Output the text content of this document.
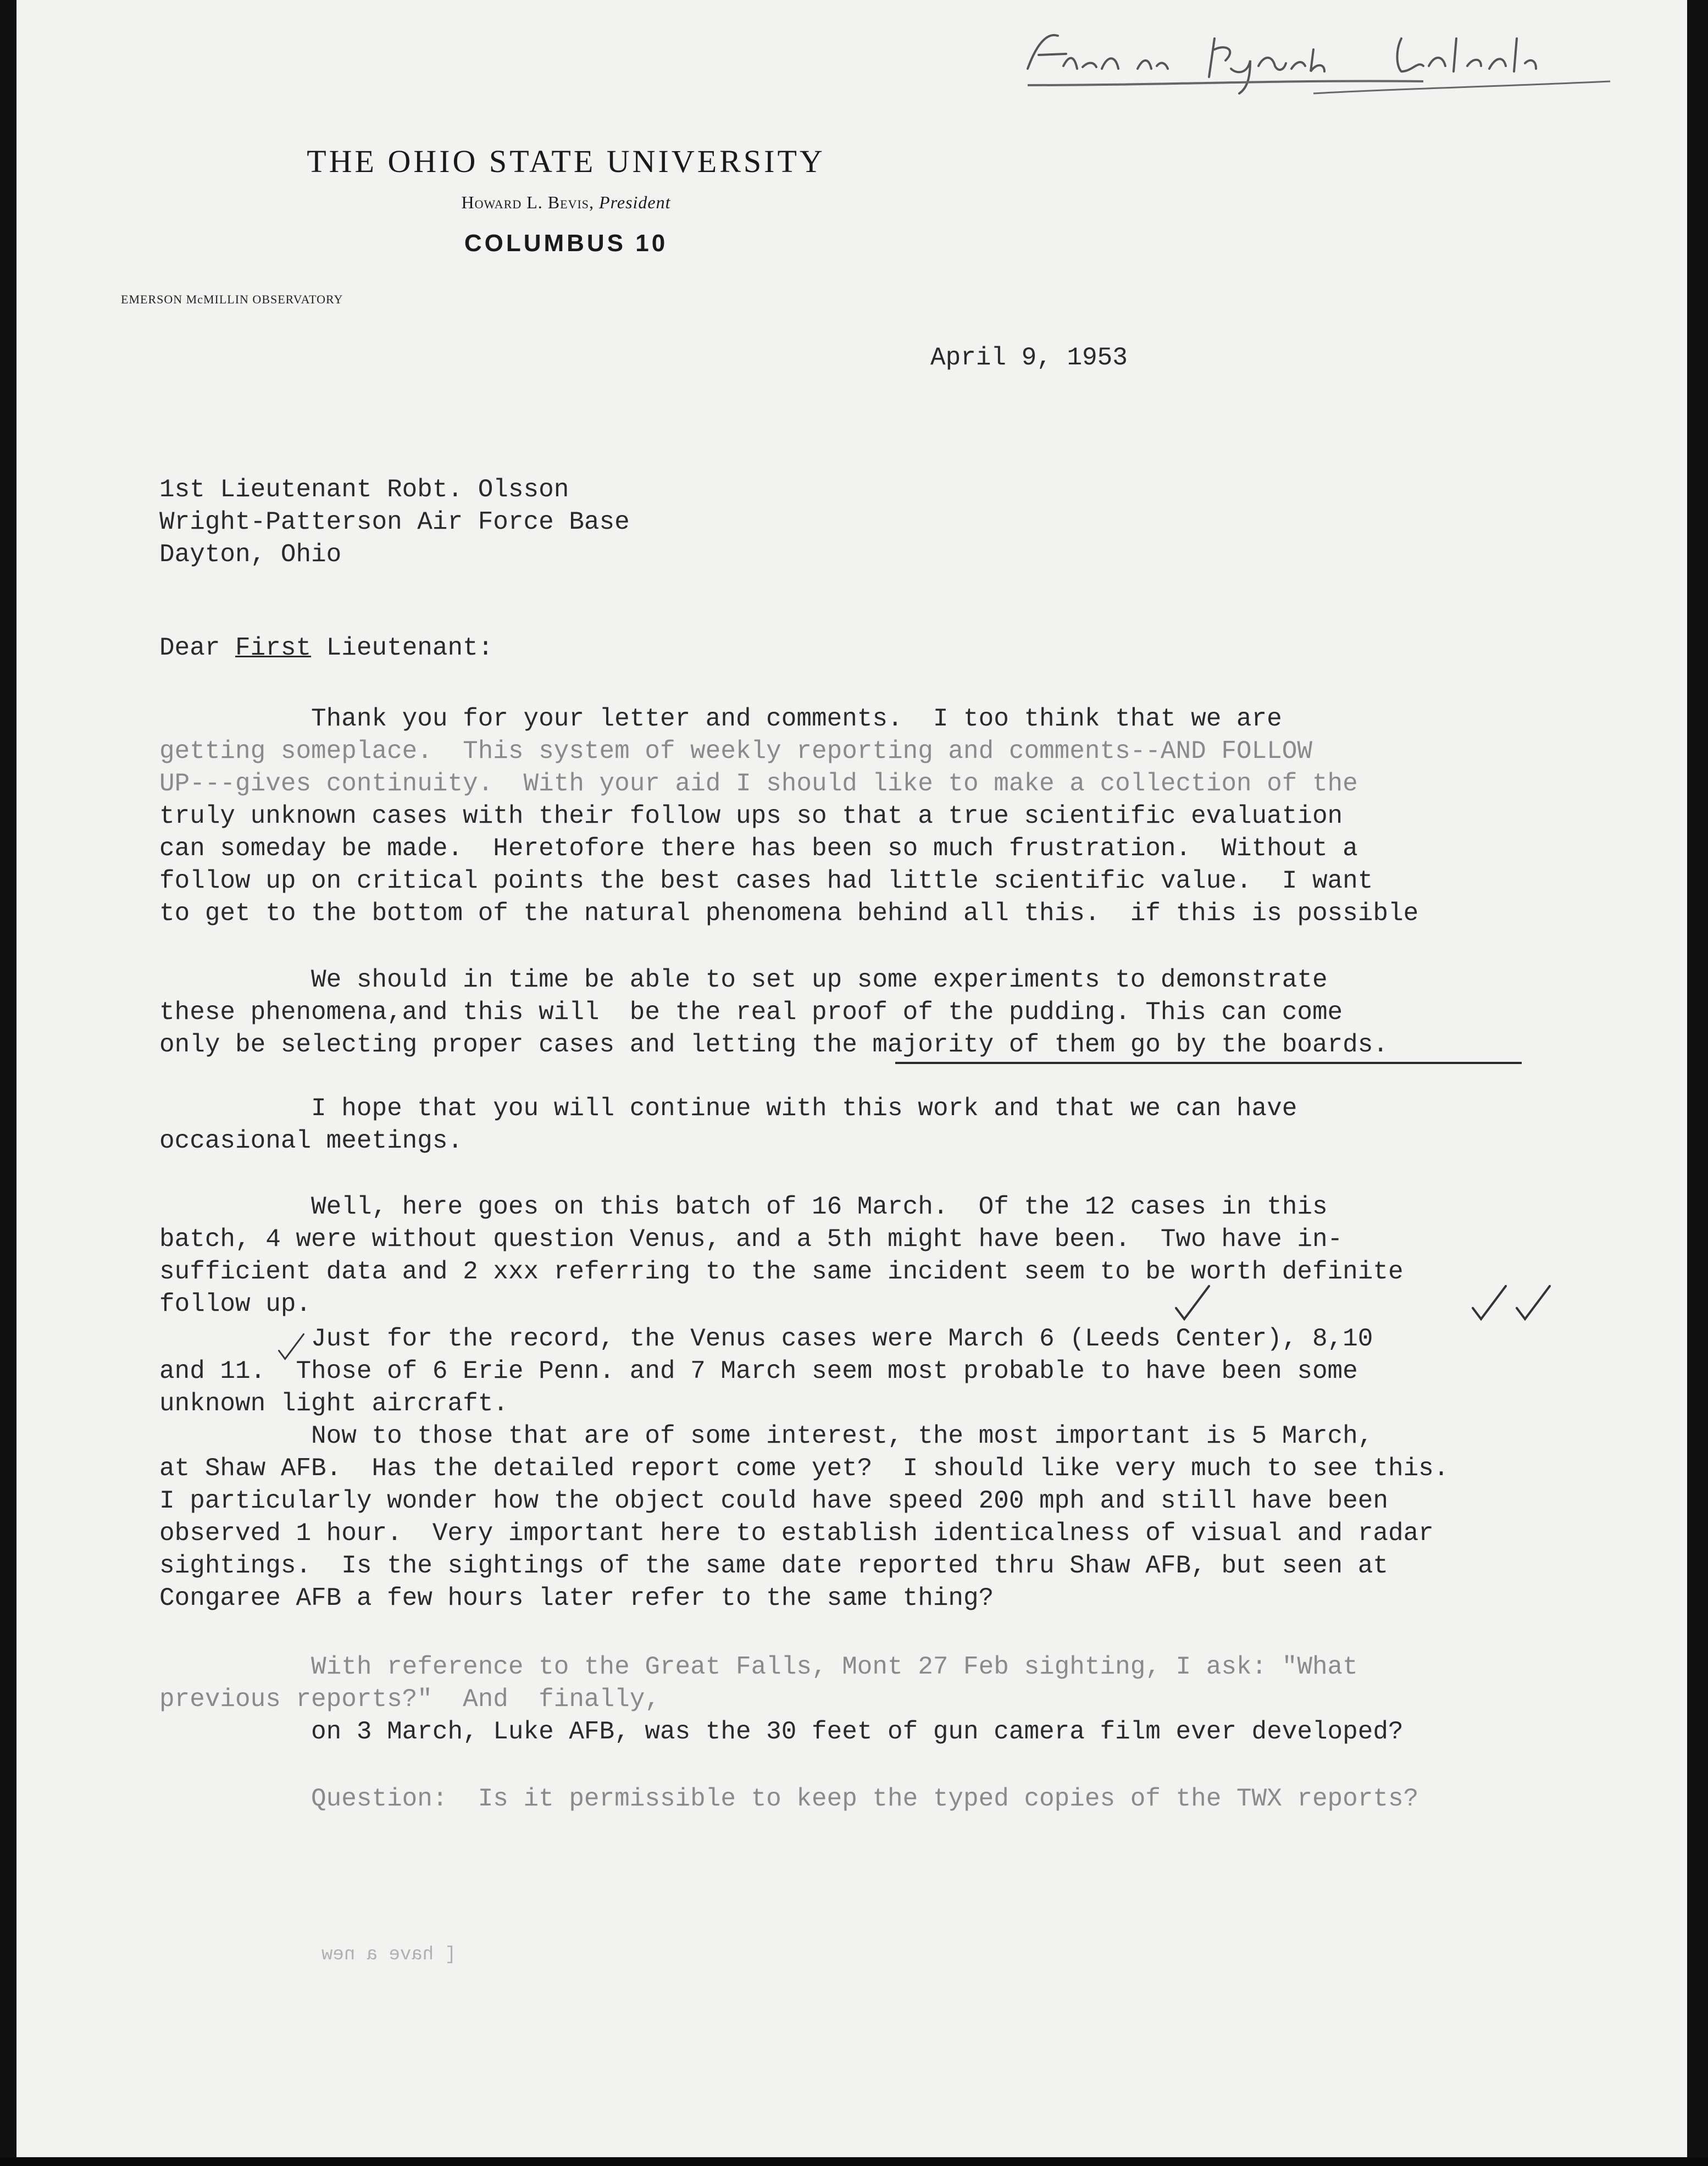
THE OHIO STATE UNIVERSITY
Howard L. Bevis, President
COLUMBUS 10
EMERSON McMILLIN OBSERVATORY
April 9, 1953
1st Lieutenant Robt. Olsson
Wright-Patterson Air Force Base
Dayton, Ohio
Dear First Lieutenant:
Thank you for your letter and comments.  I too think that we are
getting someplace.  This system of weekly reporting and comments--AND FOLLOW
UP---gives continuity.  With your aid I should like to make a collection of the
truly unknown cases with their follow ups so that a true scientific evaluation
can someday be made.  Heretofore there has been so much frustration.  Without a
follow up on critical points the best cases had little scientific value.  I want
to get to the bottom of the natural phenomena behind all this.  if this is possible
We should in time be able to set up some experiments to demonstrate
these phenomena,and this will  be the real proof of the pudding. This can come
only be selecting proper cases and letting the majority of them go by the boards.
I hope that you will continue with this work and that we can have
occasional meetings.
Well, here goes on this batch of 16 March.  Of the 12 cases in this
batch, 4 were without question Venus, and a 5th might have been.  Two have in-
sufficient data and 2 xxx referring to the same incident seem to be worth definite
follow up.
Just for the record, the Venus cases were March 6 (Leeds Center), 8,10
and 11.  Those of 6 Erie Penn. and 7 March seem most probable to have been some
unknown light aircraft.
Now to those that are of some interest, the most important is 5 March,
at Shaw AFB.  Has the detailed report come yet?  I should like very much to see this.
I particularly wonder how the object could have speed 200 mph and still have been
observed 1 hour.  Very important here to establish identicalness of visual and radar
sightings.  Is the sightings of the same date reported thru Shaw AFB, but seen at
Congaree AFB a few hours later refer to the same thing?
With reference to the Great Falls, Mont 27 Feb sighting, I ask: "What
previous reports?"  And  finally,
on 3 March, Luke AFB, was the 30 feet of gun camera film ever developed?
Question:  Is it permissible to keep the typed copies of the TWX reports?
[ have a new
